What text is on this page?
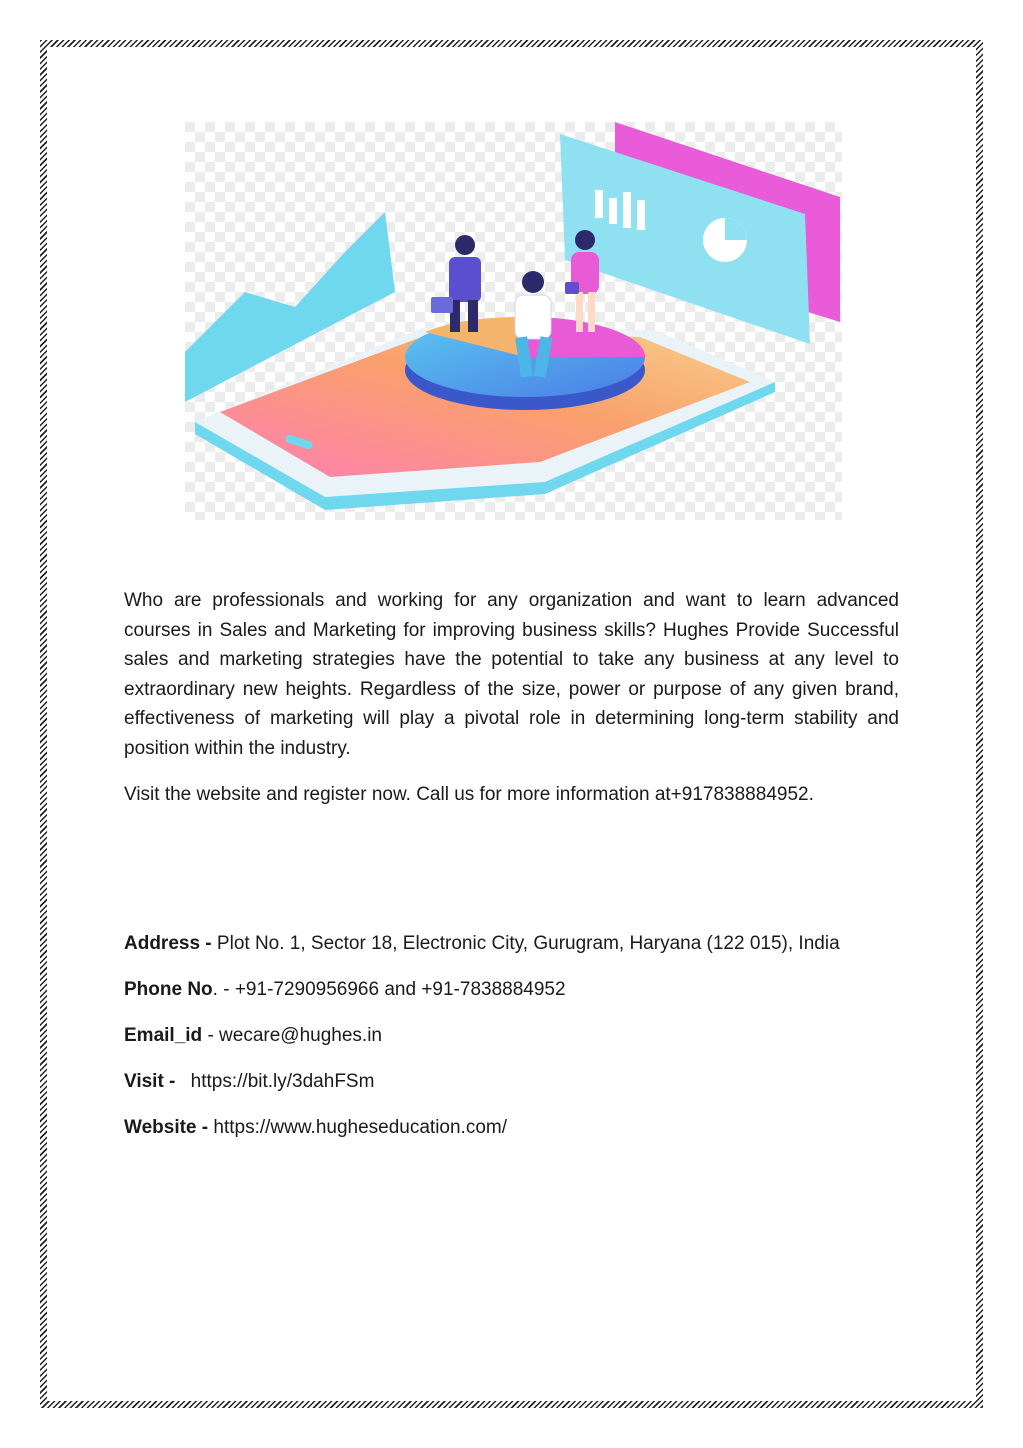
Who are professionals and working for any organization and want to learn advanced courses in Sales and Marketing for improving business skills? Hughes Provide Successful sales and marketing strategies have the potential to take any business at any level to extraordinary new heights. Regardless of the size, power or purpose of any given brand, effectiveness of marketing will play a pivotal role in determining long-term stability and position within the industry.

Visit the website and register now. Call us for more information at+917838884952.

Address - Plot No. 1, Sector 18, Electronic City, Gurugram, Haryana (122 015), India
Phone No. - +91-7290956966 and +91-7838884952
Email_id - wecare@hughes.in
Visit - https://bit.ly/3dahFSm
Website - https://www.hugheseducation.com/
